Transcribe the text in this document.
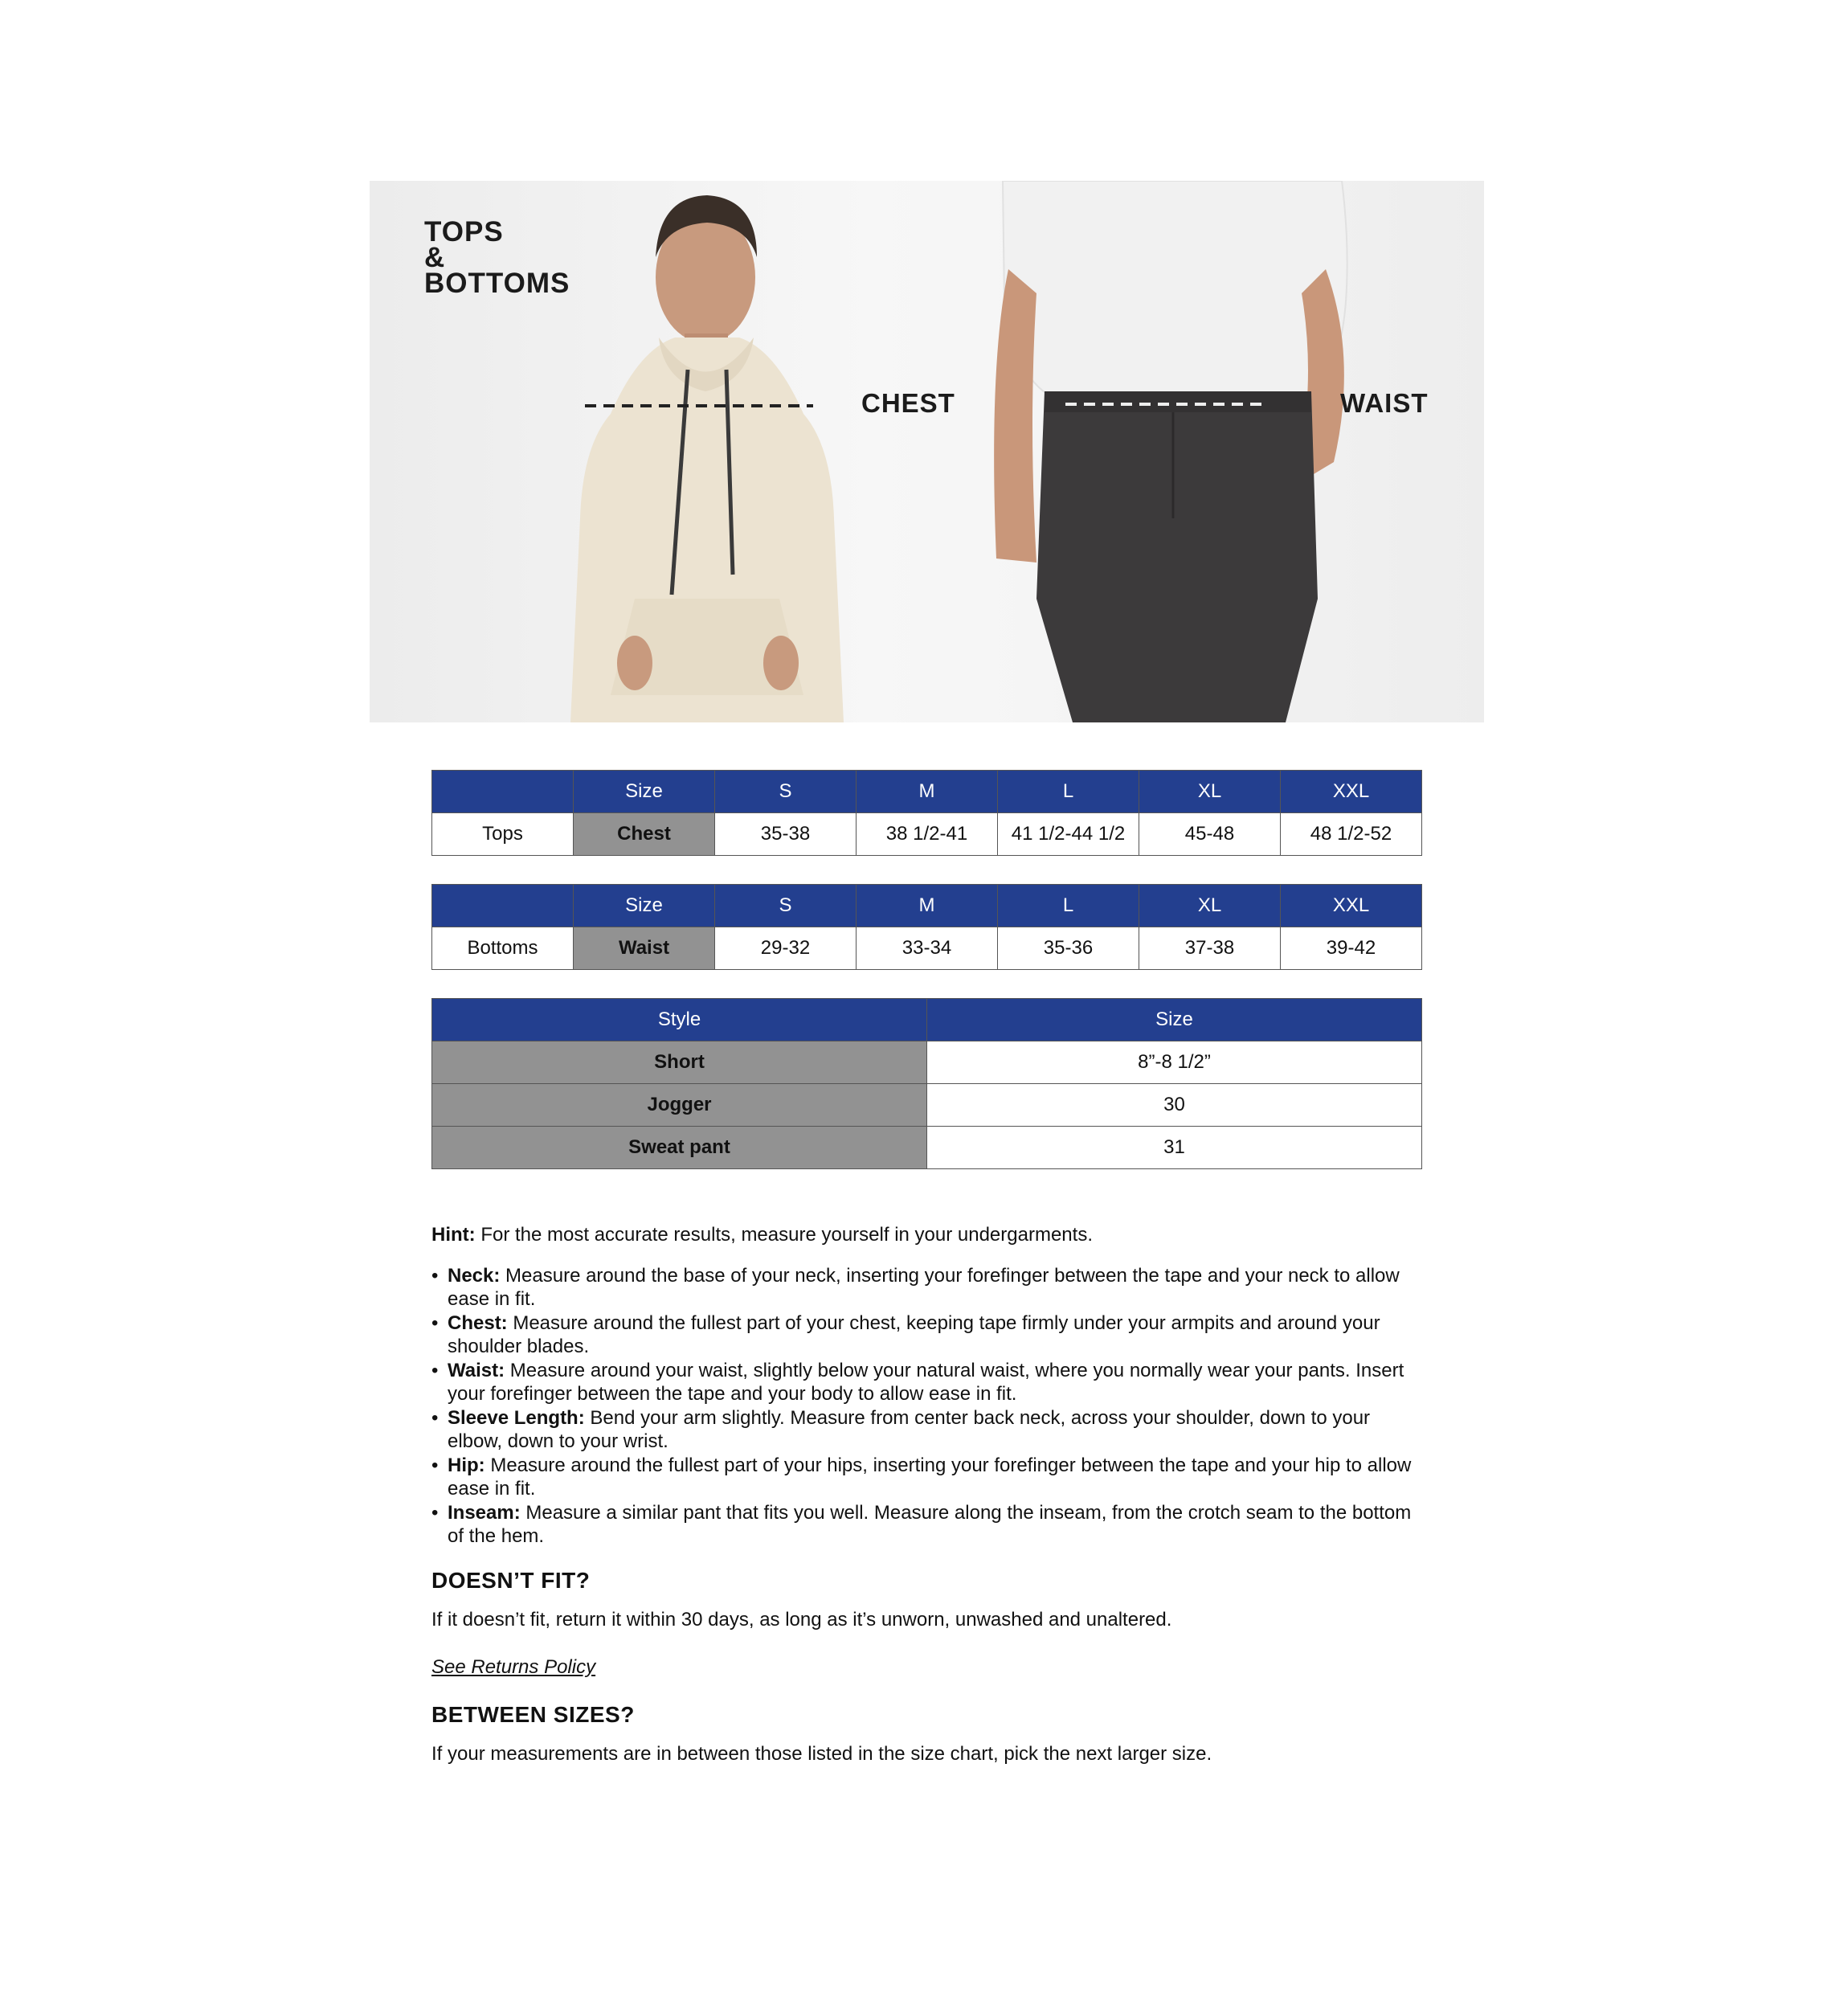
TOPS
&
BOTTOMS
CHEST	WAIST
	Size	S	M	L	XL	XXL
Tops	Chest	35-38	38 1/2-41	41 1/2-44 1/2	45-48	48 1/2-52
	Size	S	M	L	XL	XXL
Bottoms	Waist	29-32	33-34	35-36	37-38	39-42
Style	Size
Short	8”-8 1/2”
Jogger	30
Sweat pant	31
Hint: For the most accurate results, measure yourself in your undergarments.
• Neck: Measure around the base of your neck, inserting your forefinger between the tape and your neck to allow ease in fit.
• Chest: Measure around the fullest part of your chest, keeping tape firmly under your armpits and around your shoulder blades.
• Waist: Measure around your waist, slightly below your natural waist, where you normally wear your pants. Insert your forefinger between the tape and your body to allow ease in fit.
• Sleeve Length: Bend your arm slightly. Measure from center back neck, across your shoulder, down to your elbow, down to your wrist.
• Hip: Measure around the fullest part of your hips, inserting your forefinger between the tape and your hip to allow ease in fit.
• Inseam: Measure a similar pant that fits you well. Measure along the inseam, from the crotch seam to the bottom of the hem.
DOESN’T FIT?

If it doesn’t fit, return it within 30 days, as long as it’s unworn, unwashed and unaltered.

See Returns Policy

BETWEEN SIZES?

If your measurements are in between those listed in the size chart, pick the next larger size.
